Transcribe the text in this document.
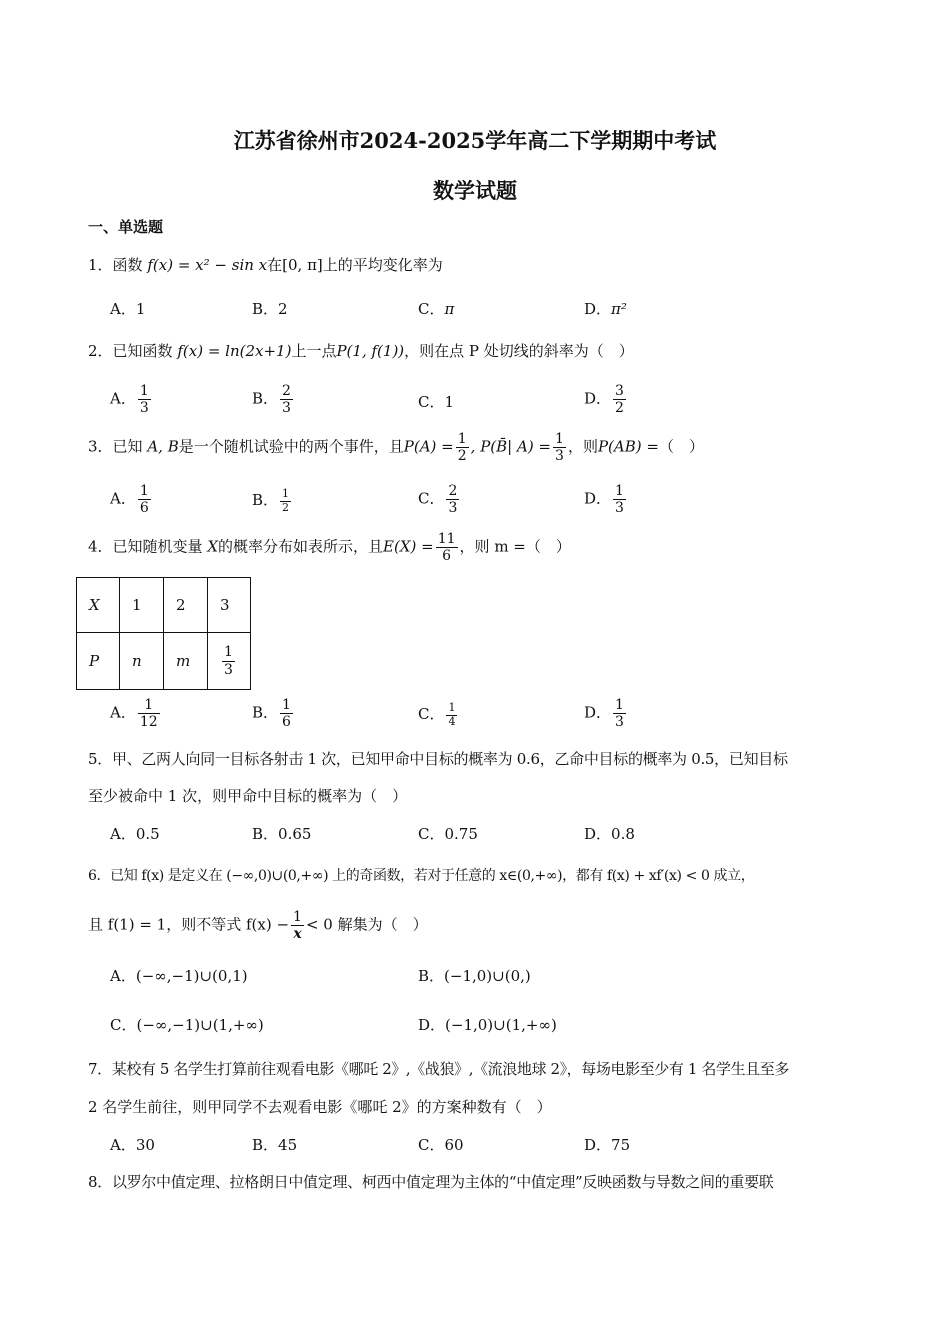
江苏省徐州市2024-2025学年高二下学期期中考试
数学试题
一、单选题
1．函数 f(x) = x² − sin x在[0, π]上的平均变化率为
A．1	B．2	C．π	D．π²
2．已知函数 f(x) = ln(2x+1)上一点P(1, f(1))，则在点 P 处切线的斜率为（　）
A． $\frac{1}{3}$	B． $\frac{2}{3}$	C．1	D． $\frac{3}{2}$
3．已知 A, B是一个随机试验中的两个事件，且$P(A) = \frac{1}{2}$ , P(B̄| $A) = \frac{1}{3}$ ，则P(AB) =（　）
A． $\frac{1}{6}$	B． $\frac{1}{2}$	C． $\frac{2}{3}$	D． $\frac{1}{3}$
4．已知随机变量 X的概率分布如表所示，且$E(X) = \frac{11}{6}$ ，则 m =（　）
X	1	2	3
P	n	m	$\frac{1}{3}$
A． $\frac{1}{12}$	B． $\frac{1}{6}$	C． $\frac{1}{4}$	D． $\frac{1}{3}$
5．甲、乙两人向同一目标各射击 1 次，已知甲命中目标的概率为 0.6，乙命中目标的概率为 0.5，已知目标
至少被命中 1 次，则甲命中目标的概率为（　）
A．0.5	B．0.65	C．0.75	D．0.8
6．已知 f(x) 是定义在 (−∞,0)∪(0,+∞) 上的奇函数，若对于任意的 x∈(0,+∞)，都有 f(x) + xf′(x) < 0 成立，
且 f(1) = 1，则不等式 $f(x) - \frac{1}{x} < 0$ 解集为（　）
A．(−∞,−1)∪(0,1)	B．(−1,0)∪(0,)
C．(−∞,−1)∪(1,+∞)	D．(−1,0)∪(1,+∞)
7．某校有 5 名学生打算前往观看电影《哪吒 2》,《战狼》,《流浪地球 2》，每场电影至少有 1 名学生且至多
2 名学生前往，则甲同学不去观看电影《哪吒 2》的方案种数有（　）
A．30	B．45	C．60	D．75
8．以罗尔中值定理、拉格朗日中值定理、柯西中值定理为主体的“中值定理”反映函数与导数之间的重要联
